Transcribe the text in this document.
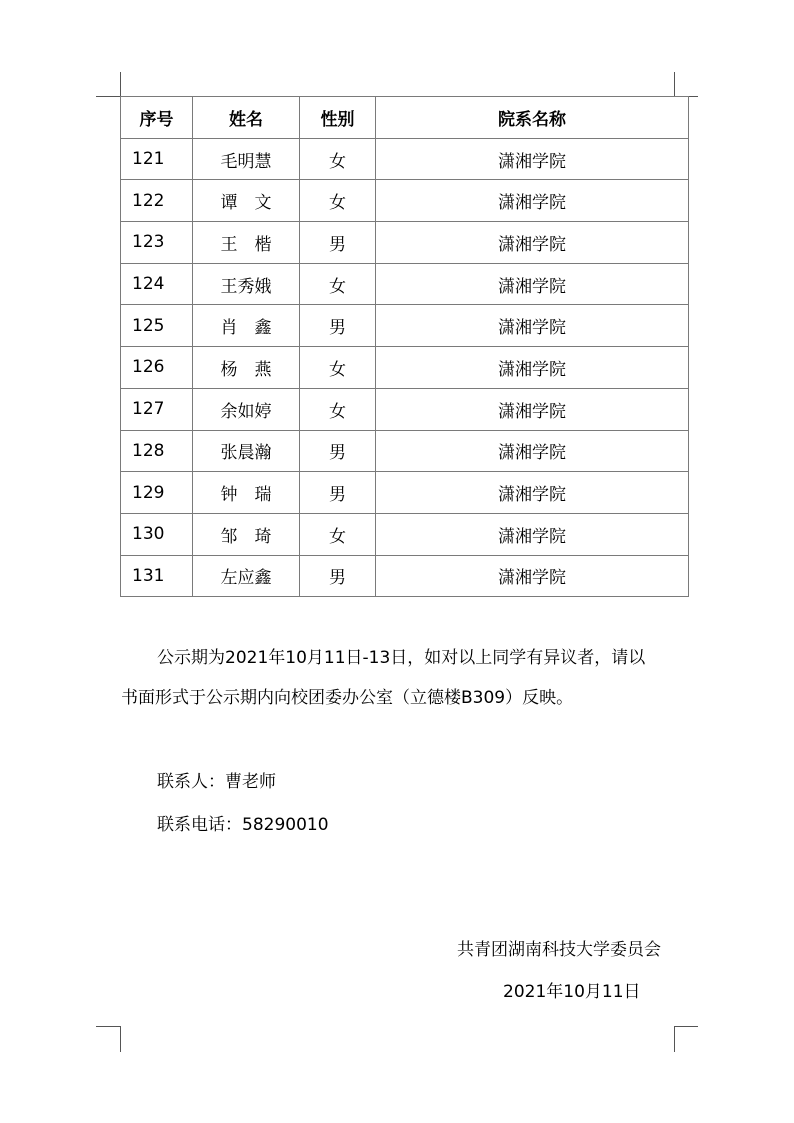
序号	姓名	性别	院系名称
121	毛明慧	女	潇湘学院
122	谭　文	女	潇湘学院
123	王　楷	男	潇湘学院
124	王秀娥	女	潇湘学院
125	肖　鑫	男	潇湘学院
126	杨　燕	女	潇湘学院
127	余如婷	女	潇湘学院
128	张晨瀚	男	潇湘学院
129	钟　瑞	男	潇湘学院
130	邹　琦	女	潇湘学院
131	左应鑫	男	潇湘学院
公示期为2021年10月11日-13日，如对以上同学有异议者，请以
书面形式于公示期内向校团委办公室（立德楼B309）反映。
联系人：曹老师
联系电话：58290010
共青团湖南科技大学委员会
2021年10月11日
